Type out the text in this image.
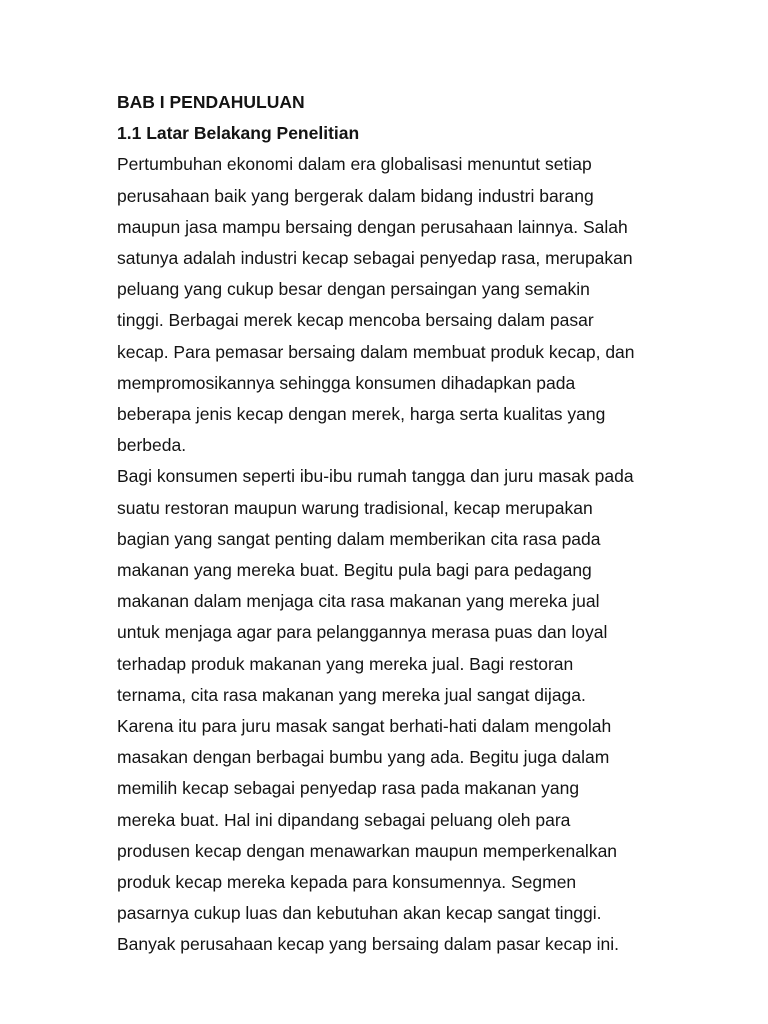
BAB I PENDAHULUAN
1.1 Latar Belakang Penelitian
Pertumbuhan ekonomi dalam era globalisasi menuntut setiap
perusahaan baik yang bergerak dalam bidang industri barang
maupun jasa mampu bersaing dengan perusahaan lainnya. Salah
satunya adalah industri kecap sebagai penyedap rasa, merupakan
peluang yang cukup besar dengan persaingan yang semakin
tinggi. Berbagai merek kecap mencoba bersaing dalam pasar
kecap. Para pemasar bersaing dalam membuat produk kecap, dan
mempromosikannya sehingga konsumen dihadapkan pada
beberapa jenis kecap dengan merek, harga serta kualitas yang
berbeda.
Bagi konsumen seperti ibu-ibu rumah tangga dan juru masak pada
suatu restoran maupun warung tradisional, kecap merupakan
bagian yang sangat penting dalam memberikan cita rasa pada
makanan yang mereka buat. Begitu pula bagi para pedagang
makanan dalam menjaga cita rasa makanan yang mereka jual
untuk menjaga agar para pelanggannya merasa puas dan loyal
terhadap produk makanan yang mereka jual. Bagi restoran
ternama, cita rasa makanan yang mereka jual sangat dijaga.
Karena itu para juru masak sangat berhati-hati dalam mengolah
masakan dengan berbagai bumbu yang ada. Begitu juga dalam
memilih kecap sebagai penyedap rasa pada makanan yang
mereka buat. Hal ini dipandang sebagai peluang oleh para
produsen kecap dengan menawarkan maupun memperkenalkan
produk kecap mereka kepada para konsumennya. Segmen
pasarnya cukup luas dan kebutuhan akan kecap sangat tinggi.
Banyak perusahaan kecap yang bersaing dalam pasar kecap ini.
